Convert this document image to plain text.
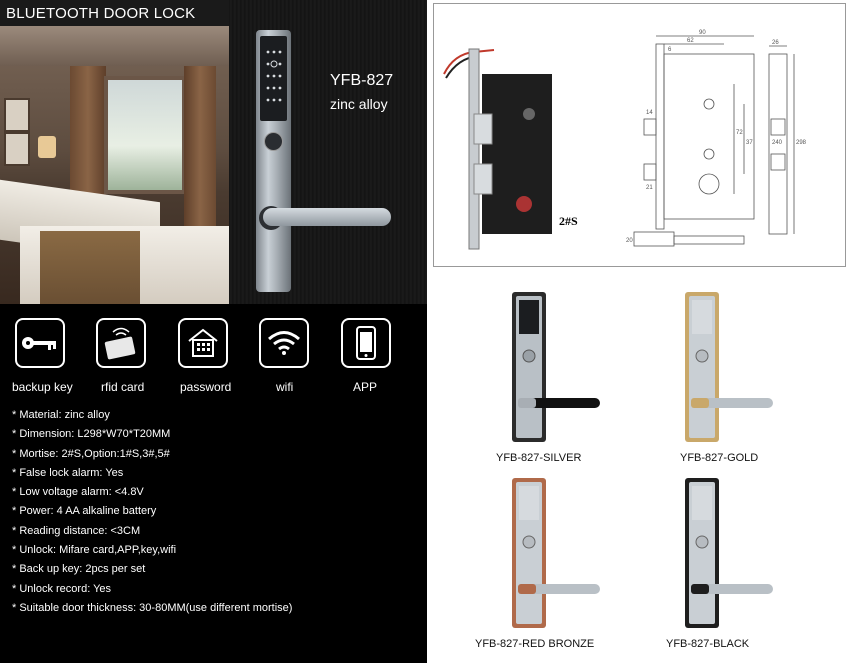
BLUETOOTH DOOR LOCK
YFB-827
zinc alloy
backup key rfid card	password	wifi	APP
* Material: zinc alloy
* Dimension: L298*W70*T20MM
* Mortise: 2#S,Option:1#S,3#,5#
* False lock alarm: Yes
* Low voltage alarm: <4.8V
* Power: 4 AA alkaline battery
* Reading distance: <3CM
* Unlock: Mifare card,APP,key,wifi
* Back up key: 2pcs per set
* Unlock record: Yes
* Suitable door thickness: 30-80MM(use different mortise)
90
62
6
26
298
240
72
37
14
21
20
2#S
YFB-827-SILVER	YFB-827-GOLD
YFB-827-RED BRONZE	YFB-827-BLACK
